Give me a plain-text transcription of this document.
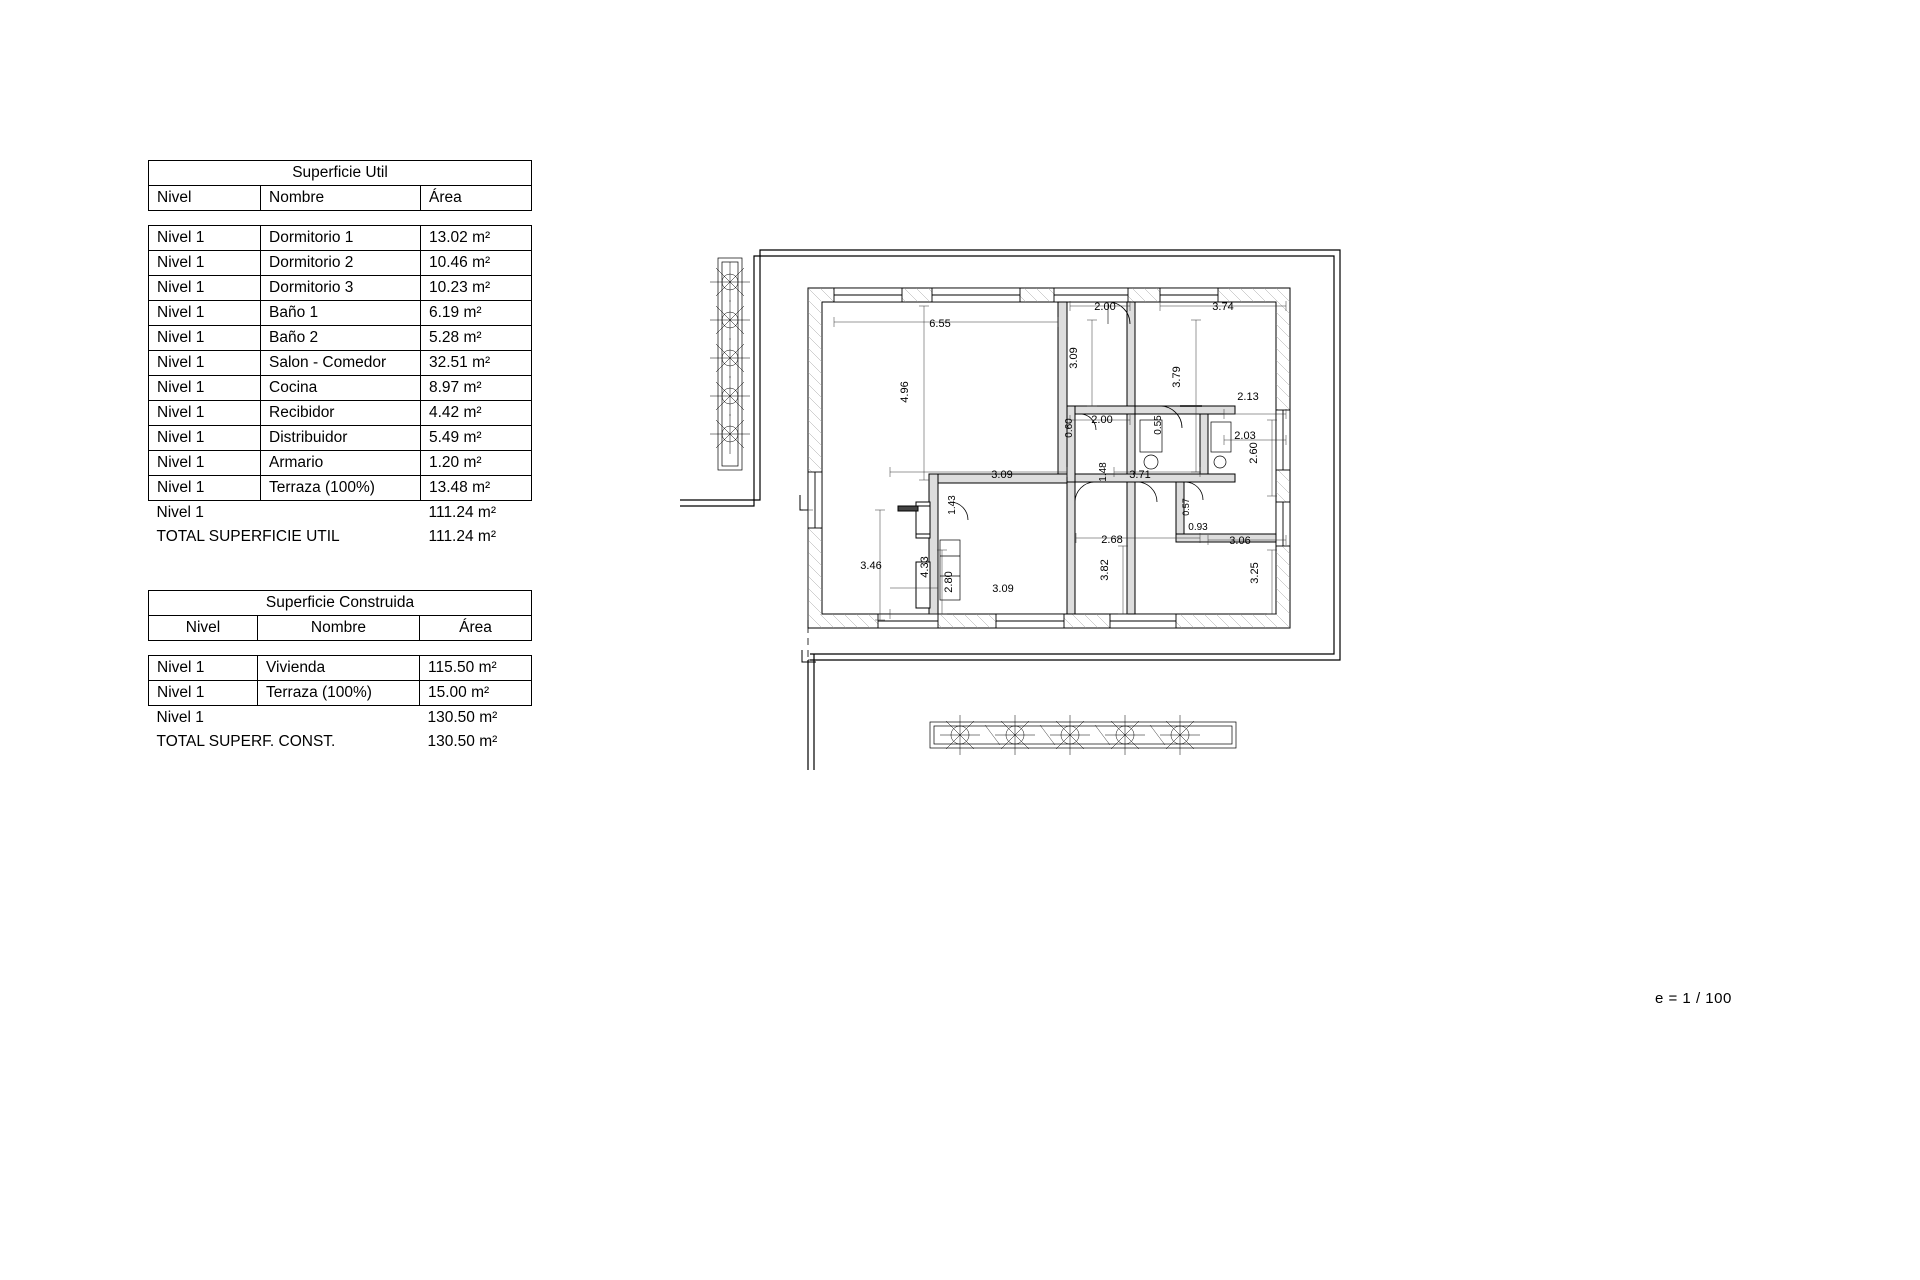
Superficie Util		
Nivel	Nombre	Área

Nivel 1	Dormitorio 1	13.02 m²
Nivel 1	Dormitorio 2	10.46 m²
Nivel 1	Dormitorio 3	10.23 m²
Nivel 1	Baño 1	6.19 m²
Nivel 1	Baño 2	5.28 m²
Nivel 1	Salon - Comedor	32.51 m²
Nivel 1	Cocina	8.97 m²
Nivel 1	Recibidor	4.42 m²
Nivel 1	Distribuidor	5.49 m²
Nivel 1	Armario	1.20 m²
Nivel 1	Terraza (100%)	13.48 m²
Nivel 1		111.24 m²
TOTAL SUPERFICIE UTIL		111.24 m²
Superficie Construida		
Nivel	Nombre	Área

Nivel 1	Vivienda	115.50 m²
Nivel 1	Terraza (100%)	15.00 m²
Nivel 1		130.50 m²
TOTAL SUPERF. CONST.		130.50 m²
6.55
4.96
2.00	3.74
3.09
3.79
2.13
2.00
0.60	0.55
2.03
3.09	1.48 3.71
2.60
1.43	0.57
0.93
2.68	3.06
3.46	4.33	3.82	3.25
2.80	3.09
e = 1 / 100
